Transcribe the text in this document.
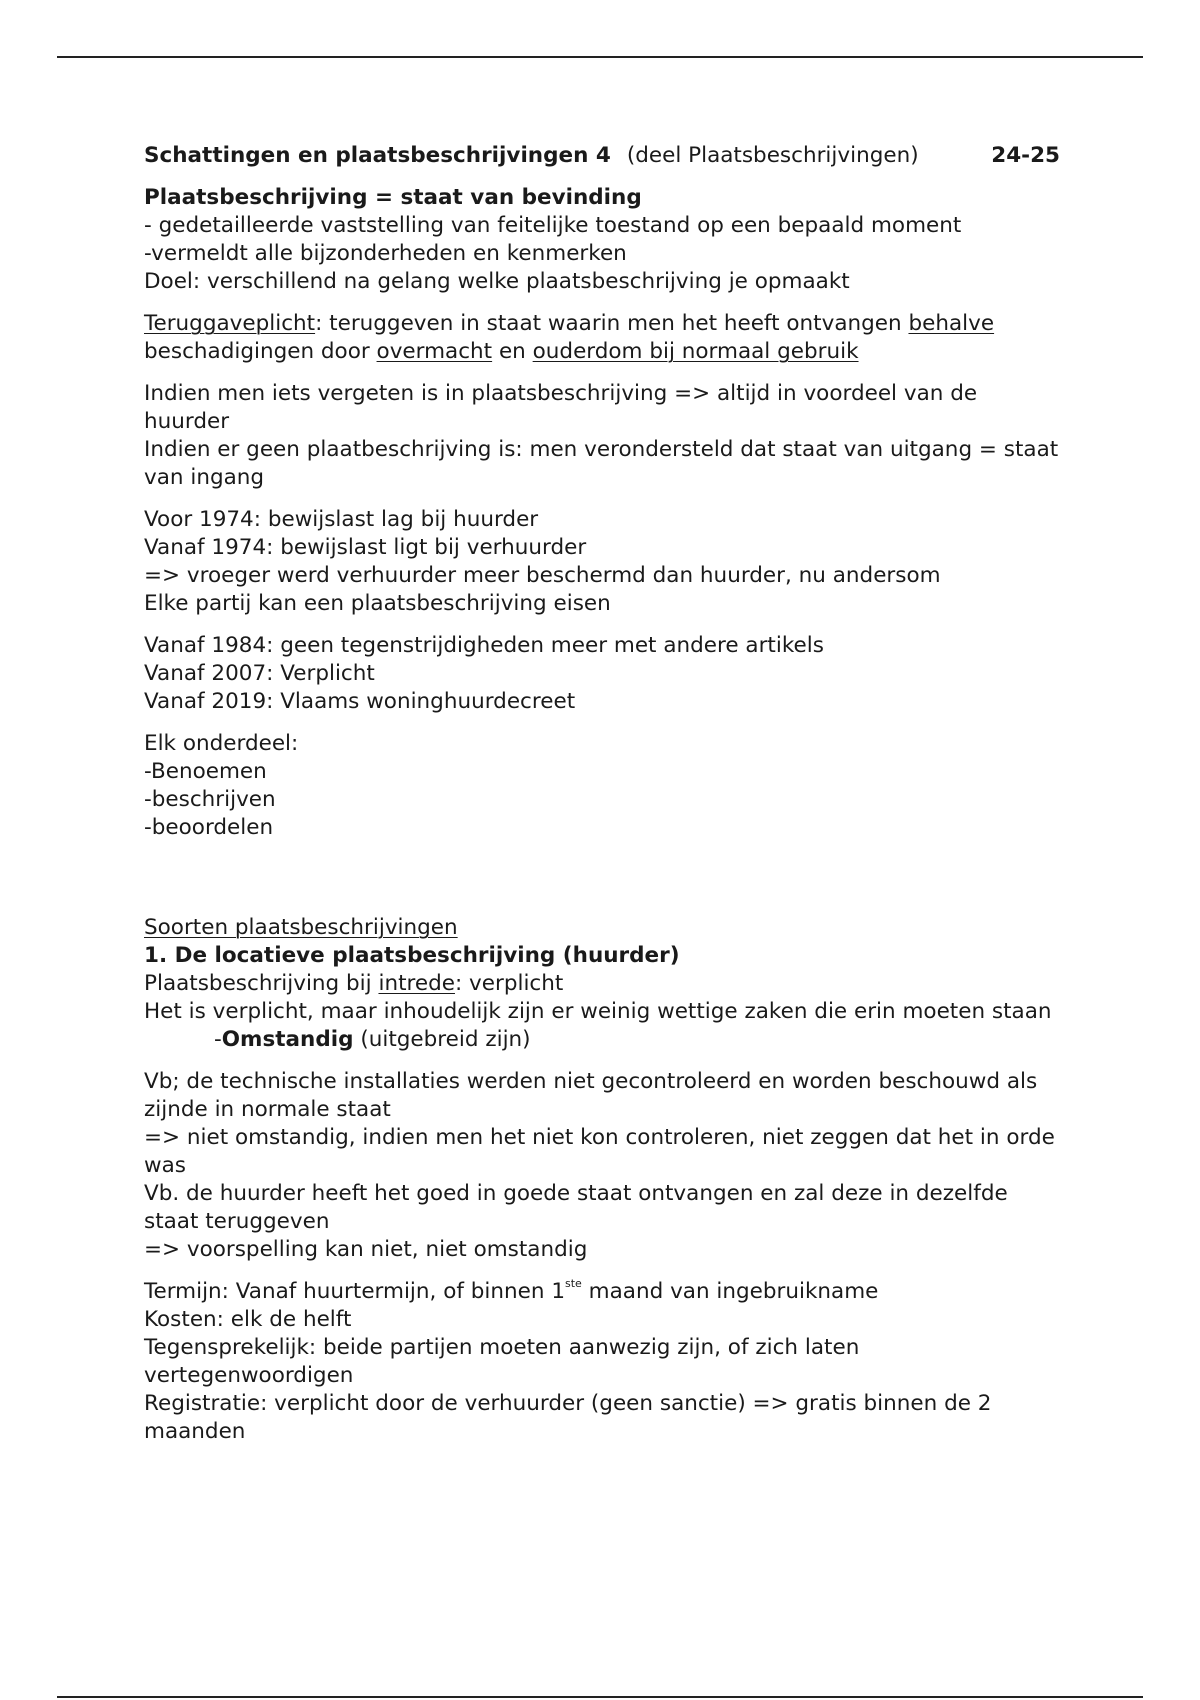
Schattingen en plaatsbeschrijvingen 4 (deel Plaatsbeschrijvingen)	24-25
Plaatsbeschrijving = staat van bevinding
- gedetailleerde vaststelling van feitelijke toestand op een bepaald moment
-vermeldt alle bijzonderheden en kenmerken
Doel: verschillend na gelang welke plaatsbeschrijving je opmaakt
Teruggaveplicht: teruggeven in staat waarin men het heeft ontvangen behalve
beschadigingen door overmacht en ouderdom bij normaal gebruik
Indien men iets vergeten is in plaatsbeschrijving => altijd in voordeel van de huurder
Indien er geen plaatbeschrijving is: men verondersteld dat staat van uitgang = staat van ingang
Voor 1974: bewijslast lag bij huurder
Vanaf 1974: bewijslast ligt bij verhuurder
=> vroeger werd verhuurder meer beschermd dan huurder, nu andersom
Elke partij kan een plaatsbeschrijving eisen
Vanaf 1984: geen tegenstrijdigheden meer met andere artikels
Vanaf 2007: Verplicht
Vanaf 2019: Vlaams woninghuurdecreet
Elk onderdeel:
-Benoemen
-beschrijven
-beoordelen
Soorten plaatsbeschrijvingen
1. De locatieve plaatsbeschrijving (huurder)
Plaatsbeschrijving bij intrede: verplicht
Het is verplicht, maar inhoudelijk zijn er weinig wettige zaken die erin moeten staan
-Omstandig (uitgebreid zijn)
Vb; de technische installaties werden niet gecontroleerd en worden beschouwd als zijnde in normale staat
=> niet omstandig, indien men het niet kon controleren, niet zeggen dat het in orde was
Vb. de huurder heeft het goed in goede staat ontvangen en zal deze in dezelfde staat teruggeven
=> voorspelling kan niet, niet omstandig
Termijn: Vanaf huurtermijn, of binnen 1ste maand van ingebruikname
Kosten: elk de helft
Tegensprekelijk: beide partijen moeten aanwezig zijn, of zich laten vertegenwoordigen
Registratie: verplicht door de verhuurder (geen sanctie) => gratis binnen de 2 maanden
